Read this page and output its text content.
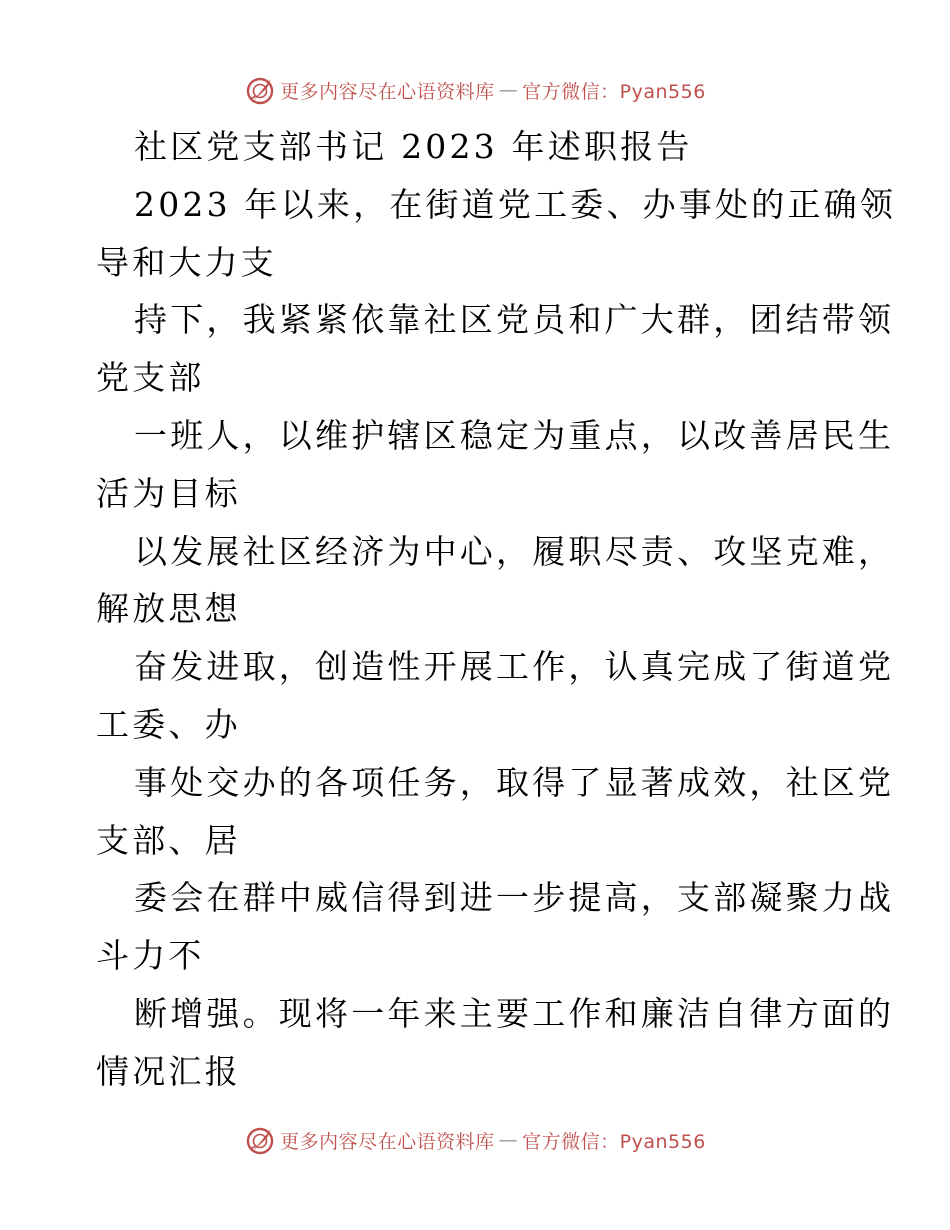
更多内容尽在心语资料库 — 官方微信：Pyan556
社区党支部书记 2023 年述职报告
2023 年以来，在街道党工委、办事处的正确领
导和大力支
持下，我紧紧依靠社区党员和广大群，团结带领
党支部
一班人，以维护辖区稳定为重点，以改善居民生
活为目标
以发展社区经济为中心，履职尽责、攻坚克难，
解放思想
奋发进取，创造性开展工作，认真完成了街道党
工委、办
事处交办的各项任务，取得了显著成效，社区党
支部、居
委会在群中威信得到进一步提高，支部凝聚力战
斗力不
断增强。现将一年来主要工作和廉洁自律方面的
情况汇报
更多内容尽在心语资料库 — 官方微信：Pyan556
